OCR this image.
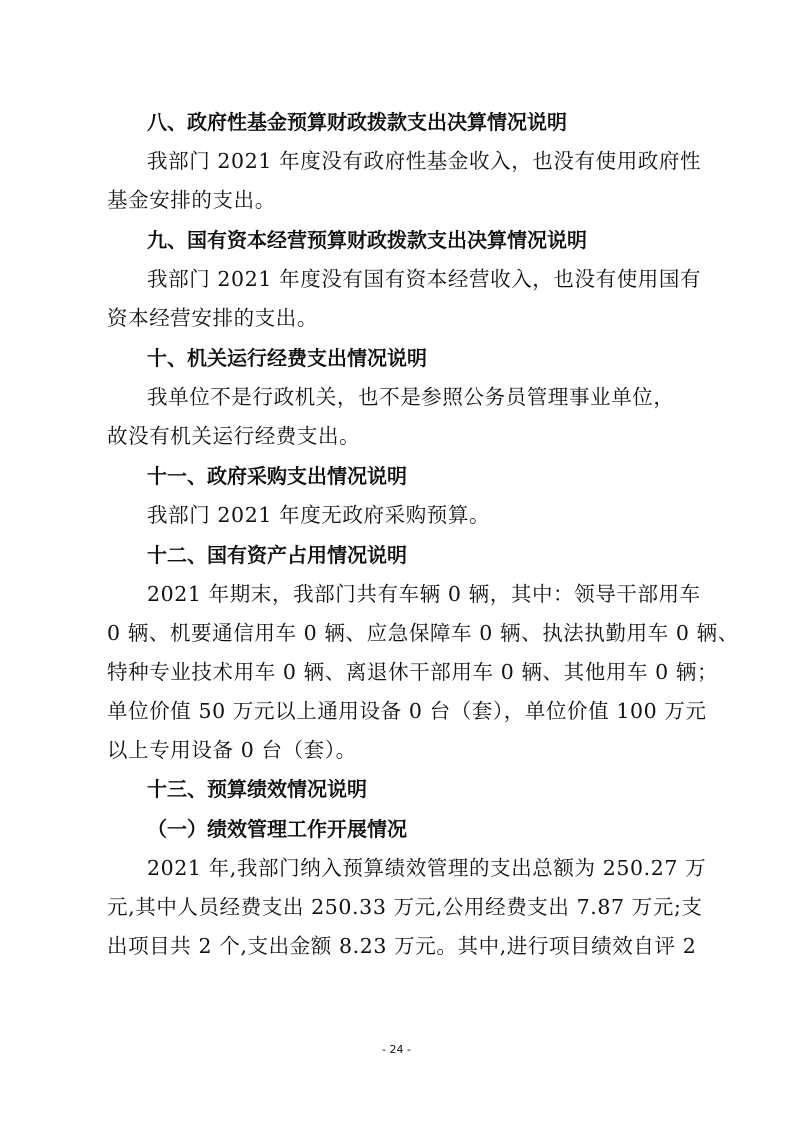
八、政府性基金预算财政拨款支出决算情况说明
我部门 2021 年度没有政府性基金收入，也没有使用政府性
基金安排的支出。
九、国有资本经营预算财政拨款支出决算情况说明
我部门 2021 年度没有国有资本经营收入，也没有使用国有
资本经营安排的支出。
十、机关运行经费支出情况说明
我单位不是行政机关，也不是参照公务员管理事业单位，
故没有机关运行经费支出。
十一、政府采购支出情况说明
我部门 2021 年度无政府采购预算。
十二、国有资产占用情况说明
2021 年期末，我部门共有车辆 0 辆，其中：领导干部用车
0 辆、机要通信用车 0 辆、应急保障车 0 辆、执法执勤用车 0 辆、
特种专业技术用车 0 辆、离退休干部用车 0 辆、其他用车 0 辆；
单位价值 50 万元以上通用设备 0 台（套），单位价值 100 万元
以上专用设备 0 台（套）。
十三、预算绩效情况说明
（一）绩效管理工作开展情况
2021 年,我部门纳入预算绩效管理的支出总额为 250.27 万
元,其中人员经费支出 250.33 万元,公用经费支出 7.87 万元;支
出项目共 2 个,支出金额 8.23 万元。其中,进行项目绩效自评 2
- 24 -
